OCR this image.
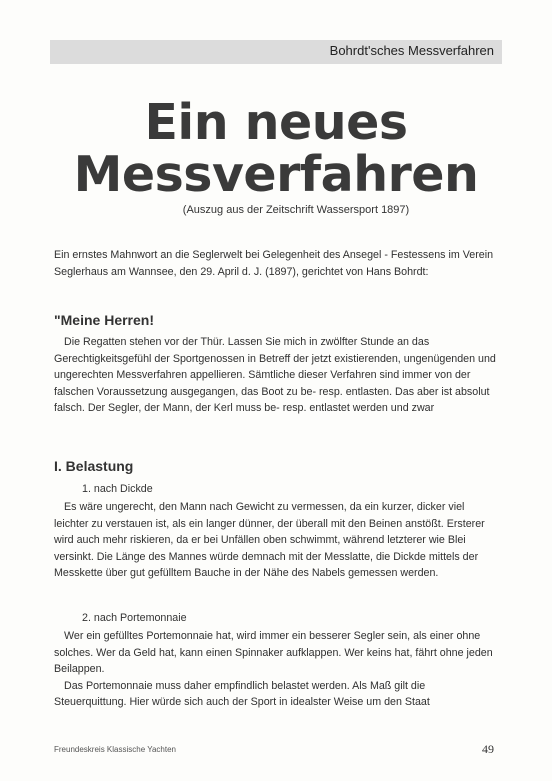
Bohrdt'sches Messverfahren
Ein neues
Messverfahren
(Auszug aus der Zeitschrift Wassersport 1897)

Ein ernstes Mahnwort an die Seglerwelt bei Gelegenheit des Ansegel - Festessens im Verein Seglerhaus am Wannsee, den 29. April d. J. (1897), gerichtet von Hans Bohrdt:

"Meine Herren!

Die Regatten stehen vor der Thür. Lassen Sie mich in zwölfter Stunde an das Gerechtigkeitsgefühl der Sportgenossen in Betreff der jetzt existierenden, ungenügenden und ungerechten Messverfahren appellieren. Sämtliche dieser Verfahren sind immer von der falschen Voraussetzung ausgegangen, das Boot zu be- resp. entlasten. Das aber ist absolut falsch. Der Segler, der Mann, der Kerl muss be- resp. entlastet werden und zwar

I. Belastung
1. nach Dickde

Es wäre ungerecht, den Mann nach Gewicht zu vermessen, da ein kurzer, dicker viel leichter zu verstauen ist, als ein langer dünner, der überall mit den Beinen anstößt. Ersterer wird auch mehr riskieren, da er bei Unfällen oben schwimmt, während letzterer wie Blei versinkt. Die Länge des Mannes würde demnach mit der Messlatte, die Dickde mittels der Messkette über gut gefülltem Bauche in der Nähe des Nabels gemessen werden.

2. nach Portemonnaie

Wer ein gefülltes Portemonnaie hat, wird immer ein besserer Segler sein, als einer ohne solches. Wer da Geld hat, kann einen Spinnaker aufklappen. Wer keins hat, fährt ohne jeden Beilappen.

Das Portemonnaie muss daher empfindlich belastet werden. Als Maß gilt die Steuerquittung. Hier würde sich auch der Sport in idealster Weise um den Staat

Freundeskreis Klassische Yachten	49
